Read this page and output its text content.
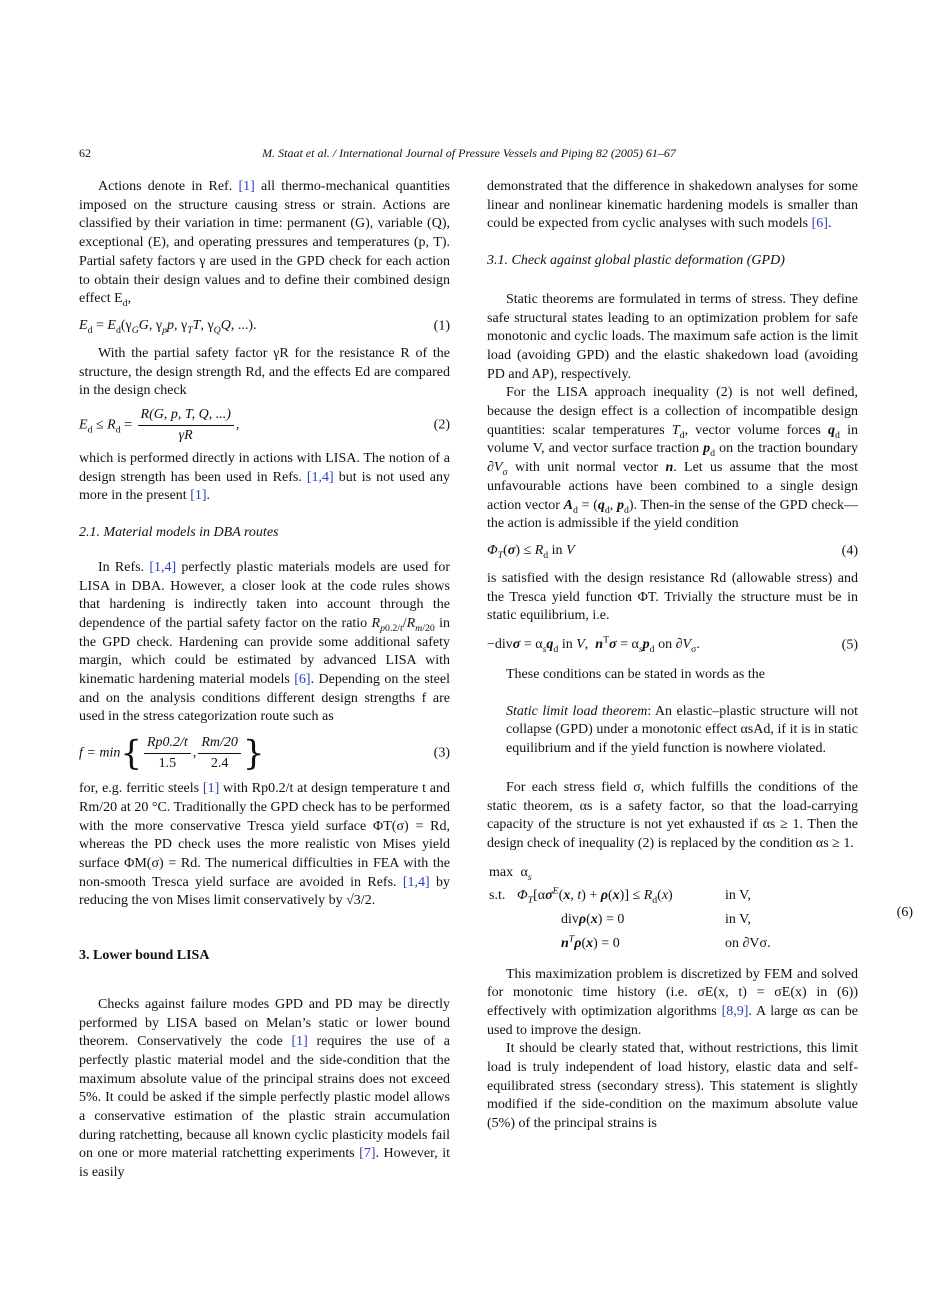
62	M. Staat et al. / International Journal of Pressure Vessels and Piping 82 (2005) 61–67

Actions denote in Ref. [1] all thermo-mechanical quantities imposed on the structure causing stress or strain. Actions are classified by their variation in time: permanent (G), variable (Q), exceptional (E), and operating pressures and temperatures (p, T). Partial safety factors γ are used in the GPD check for each action to obtain their design values and to define their combined design effect $E_d$,

$E_d = E_d(\gamma_GG$, $\gamma_pp$, $\gamma_TT$, $\gamma_QQ$, ...).	(1)

With the partial safety factor γR for the resistance R of the structure, the design strength Rd, and the effects Ed are compared in the design check

$E_d \le R_d = \frac{R(G, p, T, Q, ...)}{\gamma R}$ ,	(2)

which is performed directly in actions with LISA. The notion of a design strength has been used in Refs. [1,4] but is not used any more in the present [1].

2.1. Material models in DBA routes

In Refs. [1,4] perfectly plastic materials models are used for LISA in DBA. However, a closer look at the code rules shows that hardening is indirectly taken into account through the dependence of the partial safety factor on the ratio $R_{p0.2/t}/R_{m/20}$ in the GPD check. Hardening can provide some additional safety margin, which could be estimated by advanced LISA with kinematic hardening material models [6]. Depending on the steel and on the analysis conditions different design strengths f are used in the stress categorization route such as

$f = \min\{ \frac{Rp0.2/t}{1.5}$ , $\frac{Rm/20}{2.4}$ }	(3)

for, e.g. ferritic steels [1] with Rp0.2/t at design temperature t and Rm/20 at 20 °C. Traditionally the GPD check has to be performed with the more conservative Tresca yield surface ΦT(σ) = Rd, whereas the PD check uses the more realistic von Mises yield surface ΦM(σ) = Rd. The numerical difficulties in FEA with the non-smooth Tresca yield surface are avoided in Refs. [1,4] by reducing the von Mises limit conservatively by √3/2.

3. Lower bound LISA

Checks against failure modes GPD and PD may be directly performed by LISA based on Melan’s static or lower bound theorem. Conservatively the code [1] requires the use of a perfectly plastic material model and the side-condition that the maximum absolute value of the principal strains does not exceed 5%. It could be asked if the simple perfectly plastic model allows a conservative estimation of the plastic strain accumulation during ratchetting, because all known cyclic plasticity models fail on one or more material ratchetting experiments [7]. However, it is easily

demonstrated that the difference in shakedown analyses for some linear and nonlinear kinematic hardening models is smaller than could be expected from cyclic analyses with such models [6].

3.1. Check against global plastic deformation (GPD)

Static theorems are formulated in terms of stress. They define safe structural states leading to an optimization problem for safe monotonic and cyclic loads. The maximum safe action is the limit load (avoiding GPD) and the elastic shakedown load (avoiding PD and AP), respectively.

For the LISA approach inequality (2) is not well defined, because the design effect is a collection of incompatible design quantities: scalar temperatures $T_d$, vector volume forces $q_d$ in volume V, and vector surface traction $p_d$ on the traction boundary $\partial V_\sigma$ with unit normal vector n. Let us assume that the most unfavourable actions have been combined to a single design action vector $A_d = (q_d$, $p_d$). Then-in the sense of the GPD check—the action is admissible if the yield condition

$\Phi_T(\sigma) \le R_d$ in V	(4)

is satisfied with the design resistance Rd (allowable stress) and the Tresca yield function ΦT. Trivially the structure must be in static equilibrium, i.e.

$-div\sigma = \alpha_sq_d$ in V,  $n^T\sigma = \alpha_sp_d$ on $\partial V_\sigma$.	(5)

These conditions can be stated in words as the

Static limit load theorem: An elastic–plastic structure will not collapse (GPD) under a monotonic effect αsAd, if it is in static equilibrium and if the yield function is nowhere violated.

For each stress field σ, which fulfills the conditions of the static theorem, αs is a safety factor, so that the load-carrying capacity of the structure is not yet exhausted if αs ≥ 1. Then the design check of inequality (2) is replaced by the condition αs ≥ 1.

$\max \alpha_s$
s.t. $\Phi_T[\alpha\sigma^E(x$, $t) + \rho(x)] \le R_d(x)$	in V,
divρ(x) = 0	in V,
$n^T\rho(x) = 0$	on ∂Vσ.
(6)

This maximization problem is discretized by FEM and solved for monotonic time history (i.e. σE(x, t) = σE(x) in (6)) effectively with optimization algorithms [8,9]. A large αs can be used to improve the design.

It should be clearly stated that, without restrictions, this limit load is truly independent of load history, elastic data and self-equilibrated stress (secondary stress). This statement is slightly modified if the side-condition on the maximum absolute value (5%) of the principal strains is
